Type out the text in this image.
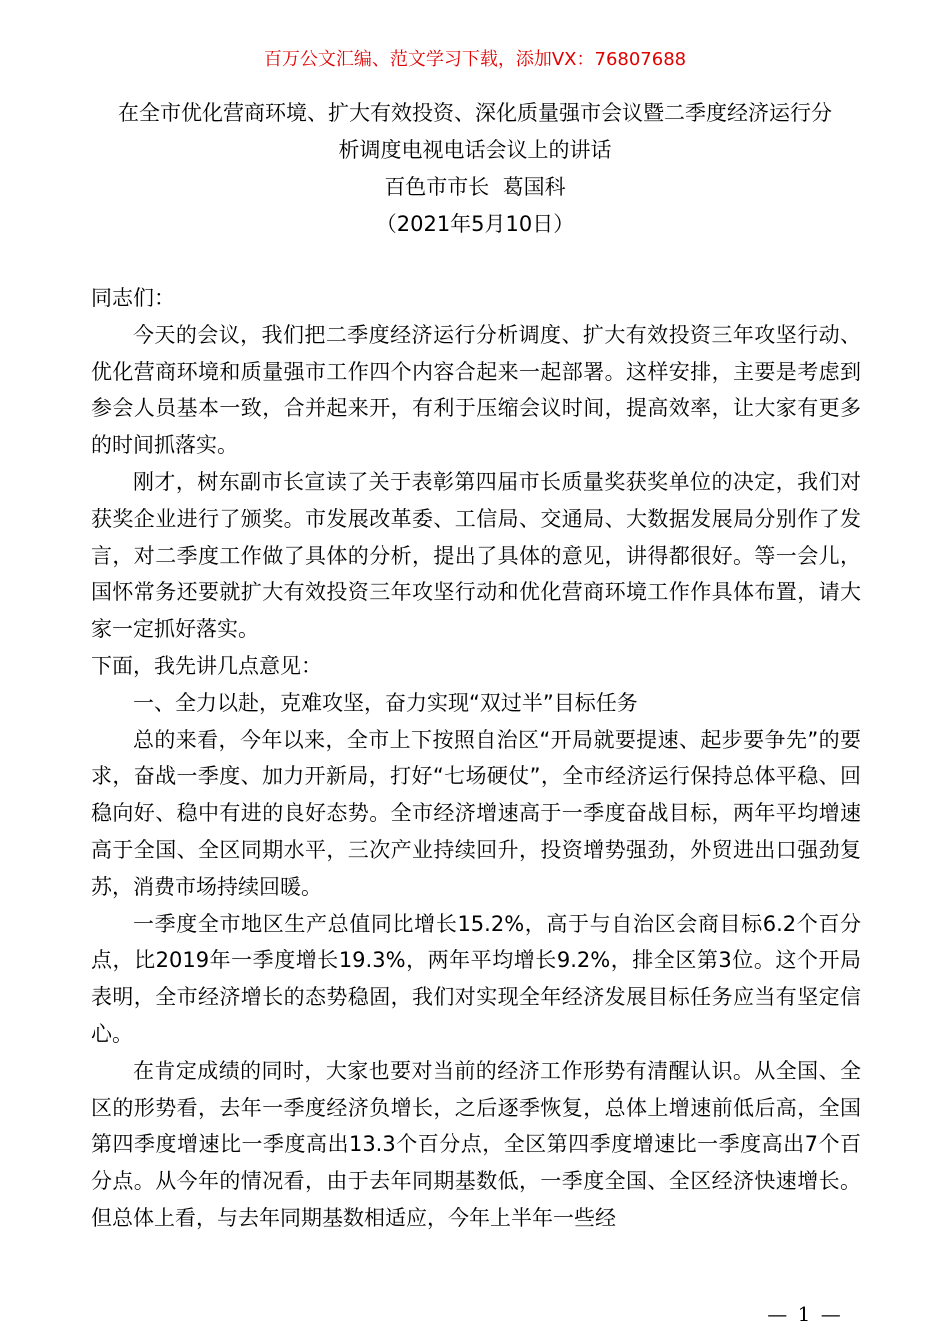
百万公文汇编、范文学习下载，添加VX：76807688
在全市优化营商环境、扩大有效投资、深化质量强市会议暨二季度经济运行分
析调度电视电话会议上的讲话
百色市市长  葛国科
（2021年5月10日）

同志们：

今天的会议，我们把二季度经济运行分析调度、扩大有效投资三年攻坚行动、优化营商环境和质量强市工作四个内容合起来一起部署。这样安排，主要是考虑到参会人员基本一致，合并起来开，有利于压缩会议时间，提高效率，让大家有更多的时间抓落实。

刚才，树东副市长宣读了关于表彰第四届市长质量奖获奖单位的决定，我们对获奖企业进行了颁奖。市发展改革委、工信局、交通局、大数据发展局分别作了发言，对二季度工作做了具体的分析，提出了具体的意见，讲得都很好。等一会儿，国怀常务还要就扩大有效投资三年攻坚行动和优化营商环境工作作具体布置，请大家一定抓好落实。

下面，我先讲几点意见：

一、全力以赴，克难攻坚，奋力实现“双过半”目标任务

总的来看，今年以来，全市上下按照自治区“开局就要提速、起步要争先”的要求，奋战一季度、加力开新局，打好“七场硬仗”，全市经济运行保持总体平稳、回稳向好、稳中有进的良好态势。全市经济增速高于一季度奋战目标，两年平均增速高于全国、全区同期水平，三次产业持续回升，投资增势强劲，外贸进出口强劲复苏，消费市场持续回暖。

一季度全市地区生产总值同比增长15.2%，高于与自治区会商目标6.2个百分点，比2019年一季度增长19.3%，两年平均增长9.2%，排全区第3位。这个开局表明，全市经济增长的态势稳固，我们对实现全年经济发展目标任务应当有坚定信心。

在肯定成绩的同时，大家也要对当前的经济工作形势有清醒认识。从全国、全区的形势看，去年一季度经济负增长，之后逐季恢复，总体上增速前低后高，全国第四季度增速比一季度高出13.3个百分点，全区第四季度增速比一季度高出7个百分点。从今年的情况看，由于去年同期基数低，一季度全国、全区经济快速增长。但总体上看，与去年同期基数相适应，今年上半年一些经

— 1 —
